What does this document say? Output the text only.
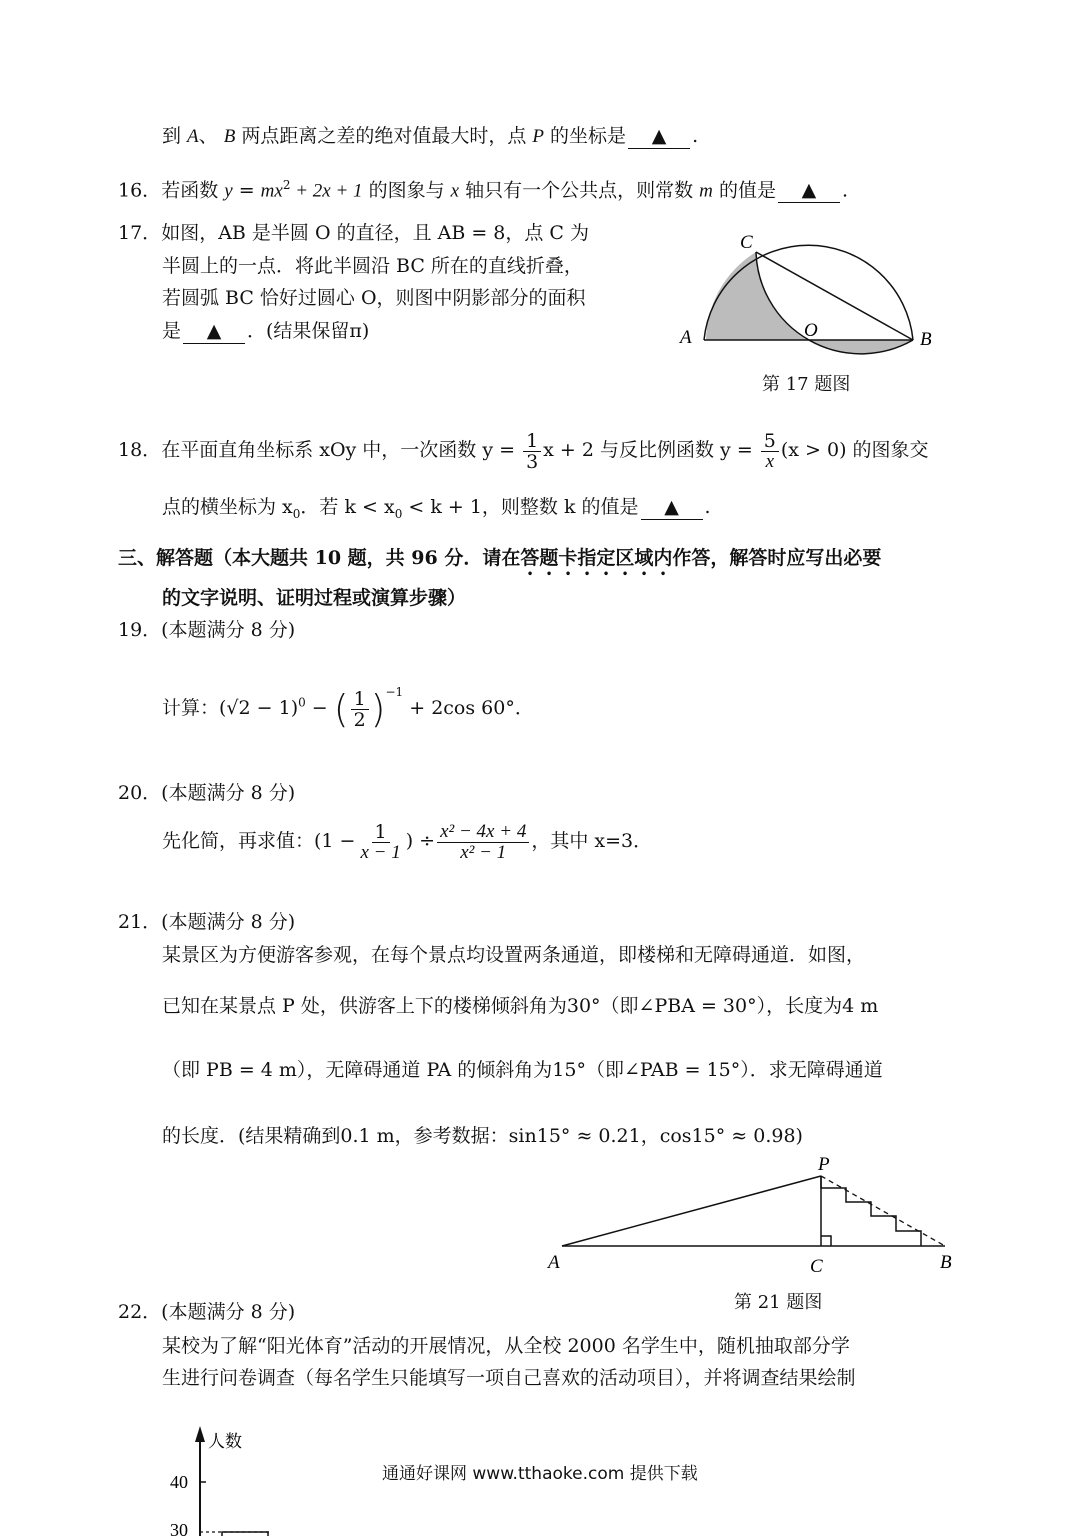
到 A、 B 两点距离之差的绝对值最大时，点 P 的坐标是 ▲ .
16．若函数 $y = mx^2 + 2x + 1$ 的图象与 x 轴只有一个公共点，则常数 m 的值是 ▲ .
17．如图，AB 是半圆 O 的直径，且 AB = 8，点 C 为
半圆上的一点．将此半圆沿 BC 所在的直线折叠，
若圆弧 BC 恰好过圆心 O，则图中阴影部分的面积
是 ▲ ．(结果保留π)	A	B
C
O
第 17 题图
18．在平面直角坐标系 xOy 中，一次函数 $y = \frac{1}{3}$ x + 2 与反比例函数 $y = \frac{5}{x} (x > 0)$ 的图象交
点的横坐标为 $x_0$．若 $k < x_0 < k + 1$，则整数 k 的值是 ▲ .
三、解答题（本大题共 10 题，共 96 分．请在答题卡指定区域内作答，解答时应写出必要
的文字说明、证明过程或演算步骤）
19．(本题满分 8 分)
计算：$(√2 - 1)^0$ − ( $\frac{1}{2} )^{-1} + 2\cos$ 60°．
20．(本题满分 8 分)
先化简，再求值：($1 - \frac{1}{x - 1}$ ) ÷ $\frac{\text{x² − 4x + 4}}{\text{x² − 1}}$ ，其中 x=3．
21．(本题满分 8 分)
某景区为方便游客参观，在每个景点均设置两条通道，即楼梯和无障碍通道．如图，
已知在某景点 P 处，供游客上下的楼梯倾斜角为30°（即∠PBA = 30°），长度为4 m
（即 PB = 4 m），无障碍通道 PA 的倾斜角为15°（即∠PAB = 15°）．求无障碍通道
的长度．(结果精确到0.1 m，参考数据：sin15° ≈ 0.21，cos15° ≈ 0.98)
P
A	B
C
第 21 题图
22．(本题满分 8 分)
某校为了解“阳光体育”活动的开展情况，从全校 2000 名学生中，随机抽取部分学
生进行问卷调查（每名学生只能填写一项自己喜欢的活动项目），并将调查结果绘制
人数
40
30
通通好课网 www.tthaoke.com 提供下载
